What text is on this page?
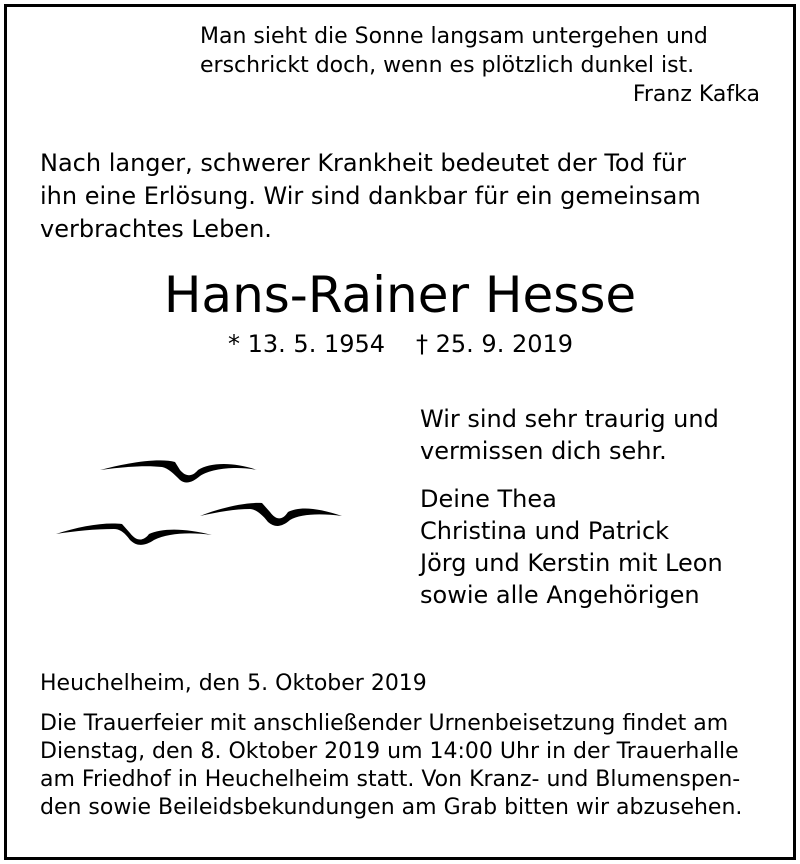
Man sieht die Sonne langsam untergehen und
erschrickt doch, wenn es plötzlich dunkel ist.
Franz Kafka
Nach langer, schwerer Krankheit bedeutet der Tod für
ihn eine Erlösung. Wir sind dankbar für ein gemeinsam
verbrachtes Leben.
Hans-Rainer Hesse
* 13. 5. 1954 † 25. 9. 2019
Wir sind sehr traurig und
vermissen dich sehr.
Deine Thea
Christina und Patrick
Jörg und Kerstin mit Leon
sowie alle Angehörigen
Heuchelheim, den 5. Oktober 2019
Die Trauerfeier mit anschließender Urnenbeisetzung findet am
Dienstag, den 8. Oktober 2019 um 14:00 Uhr in der Trauerhalle
am Friedhof in Heuchelheim statt. Von Kranz- und Blumenspen-
den sowie Beileidsbekundungen am Grab bitten wir abzusehen.
